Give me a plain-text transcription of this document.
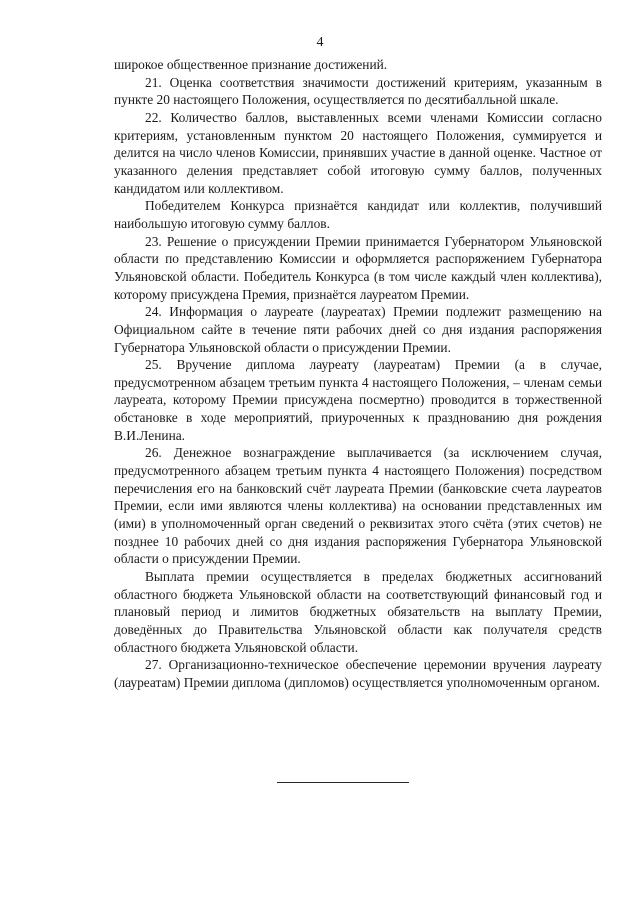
4

широкое общественное признание достижений.

21. Оценка соответствия значимости достижений критериям, указанным в пункте 20 настоящего Положения, осуществляется по десятибалльной шкале.

22. Количество баллов, выставленных всеми членами Комиссии согласно критериям, установленным пунктом 20 настоящего Положения, суммируется и делится на число членов Комиссии, принявших участие в данной оценке. Частное от указанного деления представляет собой итоговую сумму баллов, полученных кандидатом или коллективом.

Победителем Конкурса признаётся кандидат или коллектив, получивший наибольшую итоговую сумму баллов.

23. Решение о присуждении Премии принимается Губернатором Ульяновской области по представлению Комиссии и оформляется распоряжением Губернатора Ульяновской области. Победитель Конкурса (в том числе каждый член коллектива), которому присуждена Премия, признаётся лауреатом Премии.

24. Информация о лауреате (лауреатах) Премии подлежит размещению на Официальном сайте в течение пяти рабочих дней со дня издания распоряжения Губернатора Ульяновской области о присуждении Премии.

25. Вручение диплома лауреату (лауреатам) Премии (а в случае, предусмотренном абзацем третьим пункта 4 настоящего Положения, – членам семьи лауреата, которому Премии присуждена посмертно) проводится в торжественной обстановке в ходе мероприятий, приуроченных к празднованию дня рождения В.И.Ленина.

26. Денежное вознаграждение выплачивается (за исключением случая, предусмотренного абзацем третьим пункта 4 настоящего Положения) посредством перечисления его на банковский счёт лауреата Премии (банковские счета лауреатов Премии, если ими являются члены коллектива) на основании представленных им (ими) в уполномоченный орган сведений о реквизитах этого счёта (этих счетов) не позднее 10 рабочих дней со дня издания распоряжения Губернатора Ульяновской области о присуждении Премии.

Выплата премии осуществляется в пределах бюджетных ассигнований областного бюджета Ульяновской области на соответствующий финансовый год и плановый период и лимитов бюджетных обязательств на выплату Премии, доведённых до Правительства Ульяновской области как получателя средств областного бюджета Ульяновской области.

27. Организационно-техническое обеспечение церемонии вручения лауреату (лауреатам) Премии диплома (дипломов) осуществляется уполномоченным органом.
